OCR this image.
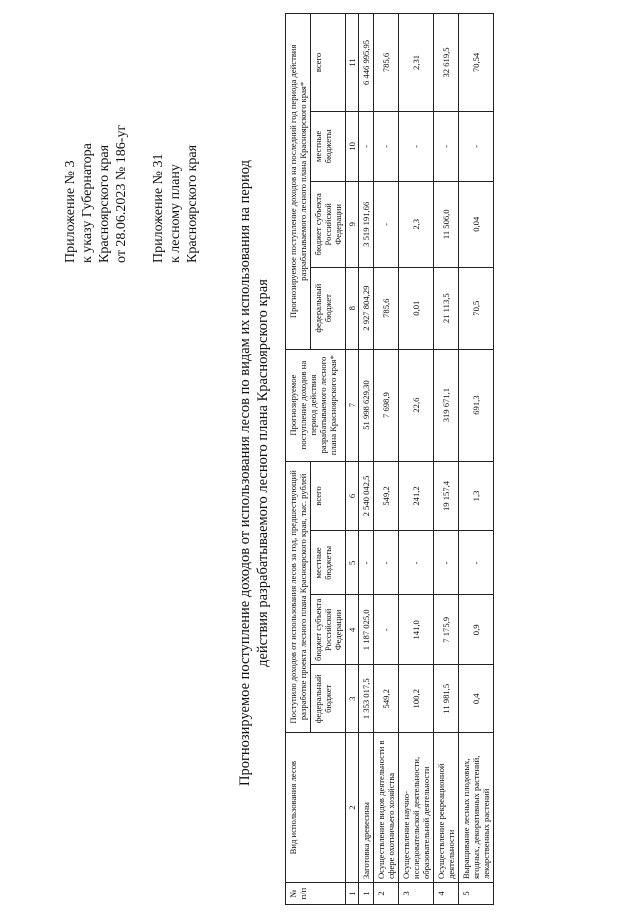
Приложение № 3 к указу Губернатора Красноярского края от 28.06.2023 № 186-уг Приложение № 31 к лесному плану Красноярского края	Прогнозируемое поступление доходов от использования лесов по видам их использования на период действия разрабатываемого лесного плана Красноярского края
№ п/п	Вид использования лесов	Поступило доходов от использования лесов за год, предшествующий разработке проекта лесного плана Красноярского края, тыс. рублей				Прогнозируемое поступление доходов на период действия разрабатываемого лесного плана Красноярского края*	Прогнозируемое поступление доходов на последний год периода действия разрабатываемого лесного плана Красноярского края*			
		федеральный бюджет	бюджет субъекта Российской Федерации	местные бюджеты	всего		федеральный бюджет	бюджет субъекта Российской Федерации	местные бюджеты	всего
1	2	3	4	5	6	7	8	9	10	11
1	Заготовка древесины	1 353 017,5	1 187 025,0	-	2 540 042,5	51 998 629,30	2 927 804,29	3 519 191,66	-	6 446 995,95
2	Осуществление видов деятельности в сфере охотничьего хозяйства	549,2	-	-	549,2	7 698,9	785,6	-	-	785,6
3	Осуществление научно-исследовательской деятельности, образовательной деятельности	100,2	141,0	-	241,2	22,6	0,01	2,3	-	2,31
4	Осуществление рекреационной деятельности	11 981,5	7 175,9	-	19 157,4	319 671,1	21 113,5	11 506,0	-	32 619,5
5	Выращивание лесных плодовых, ягодных, декоративных растений, лекарственных растений	0,4	0,9	-	1,3	691,3	70,5	0,04	-	70,54
